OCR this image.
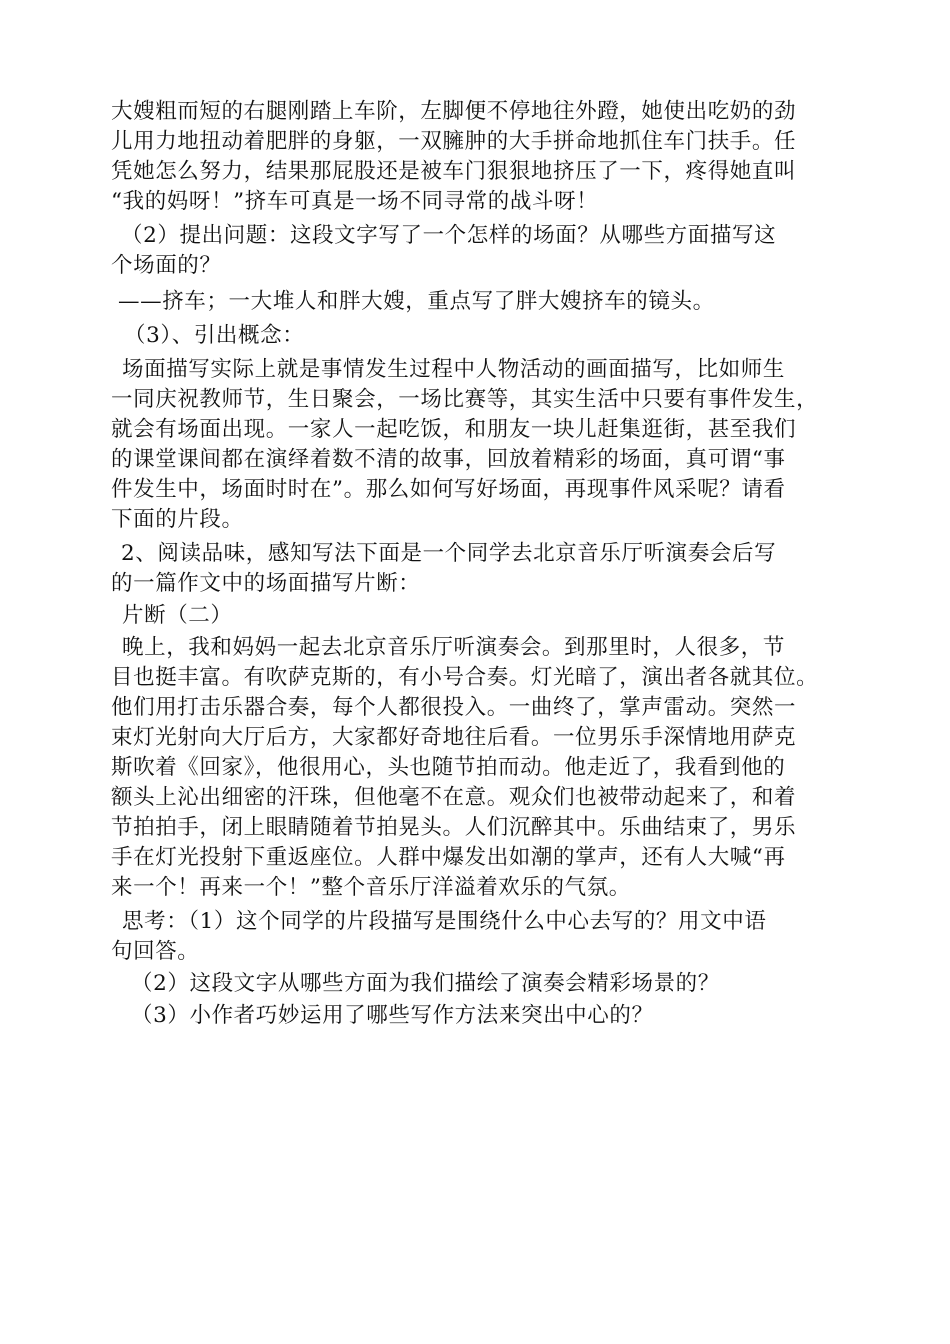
大嫂粗而短的右腿刚踏上车阶，左脚便不停地往外蹬，她使出吃奶的劲
儿用力地扭动着肥胖的身躯，一双臃肿的大手拼命地抓住车门扶手。任
凭她怎么努力，结果那屁股还是被车门狠狠地挤压了一下，疼得她直叫
“我的妈呀！”挤车可真是一场不同寻常的战斗呀！
（2）提出问题：这段文字写了一个怎样的场面？从哪些方面描写这
个场面的？
——挤车；一大堆人和胖大嫂，重点写了胖大嫂挤车的镜头。
（3）、引出概念：
场面描写实际上就是事情发生过程中人物活动的画面描写，比如师生
一同庆祝教师节，生日聚会，一场比赛等，其实生活中只要有事件发生，
就会有场面出现。一家人一起吃饭，和朋友一块儿赶集逛街，甚至我们
的课堂课间都在演绎着数不清的故事，回放着精彩的场面，真可谓“事
件发生中，场面时时在”。那么如何写好场面，再现事件风采呢？请看
下面的片段。
2、阅读品味，感知写法下面是一个同学去北京音乐厅听演奏会后写
的一篇作文中的场面描写片断：
片断（二）
晚上，我和妈妈一起去北京音乐厅听演奏会。到那里时，人很多，节
目也挺丰富。有吹萨克斯的，有小号合奏。灯光暗了，演出者各就其位。
他们用打击乐器合奏，每个人都很投入。一曲终了，掌声雷动。突然一
束灯光射向大厅后方，大家都好奇地往后看。一位男乐手深情地用萨克
斯吹着《回家》，他很用心，头也随节拍而动。他走近了，我看到他的
额头上沁出细密的汗珠，但他毫不在意。观众们也被带动起来了，和着
节拍拍手，闭上眼睛随着节拍晃头。人们沉醉其中。乐曲结束了，男乐
手在灯光投射下重返座位。人群中爆发出如潮的掌声，还有人大喊“再
来一个！再来一个！”整个音乐厅洋溢着欢乐的气氛。
思考：（1）这个同学的片段描写是围绕什么中心去写的？用文中语
句回答。
（2）这段文字从哪些方面为我们描绘了演奏会精彩场景的？
（3）小作者巧妙运用了哪些写作方法来突出中心的？
